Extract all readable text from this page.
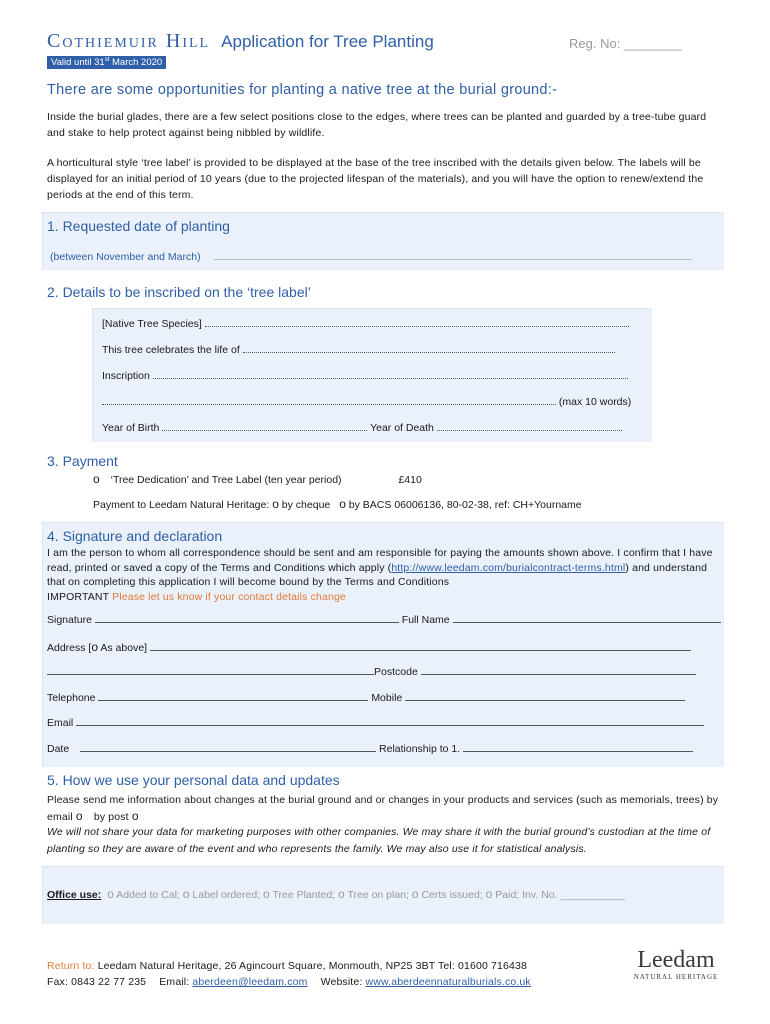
Cothiemuir Hill Application for Tree Planting	Reg. No: ________
Valid until 31st March 2020
There are some opportunities for planting a native tree at the burial ground:-
Inside the burial glades, there are a few select positions close to the edges, where trees can be planted and guarded by a tree-tube guard and stake to help protect against being nibbled by wildlife.
A horticultural style ‘tree label’ is provided to be displayed at the base of the tree inscribed with the details given below. The labels will be displayed for an initial period of 10 years (due to the projected lifespan of the materials), and you will have the option to renew/extend the periods at the end of this term.
1. Requested date of planting
(between November and March)
2. Details to be inscribed on the ‘tree label’
[Native Tree Species]
This tree celebrates the life of
Inscription
(max 10 words)
Year of Birth	Year of Death
3. Payment
o ‘Tree Dedication’ and Tree Label (ten year period)	£410
Payment to Leedam Natural Heritage: o by cheque o by BACS 06006136, 80-02-38, ref: CH+Yourname
4. Signature and declaration
I am the person to whom all correspondence should be sent and am responsible for paying the amounts shown above. I confirm that I have read, printed or saved a copy of the Terms and Conditions which apply (http://www.leedam.com/burialcontract-terms.html) and understand that on completing this application I will become bound by the Terms and Conditions
IMPORTANT Please let us know if your contact details change
Signature	Full Name
Address [o As above]
Postcode
Telephone	Mobile
Email
Date	Relationship to 1.
5. How we use your personal data and updates
Please send me information about changes at the burial ground and or changes in your products and services (such as memorials, trees) by email o by post o
We will not share your data for marketing purposes with other companies. We may share it with the burial ground’s custodian at the time of planting so they are aware of the event and who represents the family. We may also use it for statistical analysis.
Office use: o Added to Cal; o Label ordered; o Tree Planted; o Tree on plan; o Certs issued; o Paid; Inv. No. ___________
Return to: Leedam Natural Heritage, 26 Agincourt Square, Monmouth, NP25 3BT Tel: 01600 716438
Fax: 0843 22 77 235 Email: aberdeen@leedam.com Website: www.aberdeennaturalburials.co.uk
Leedam
NATURAL HERITAGE
